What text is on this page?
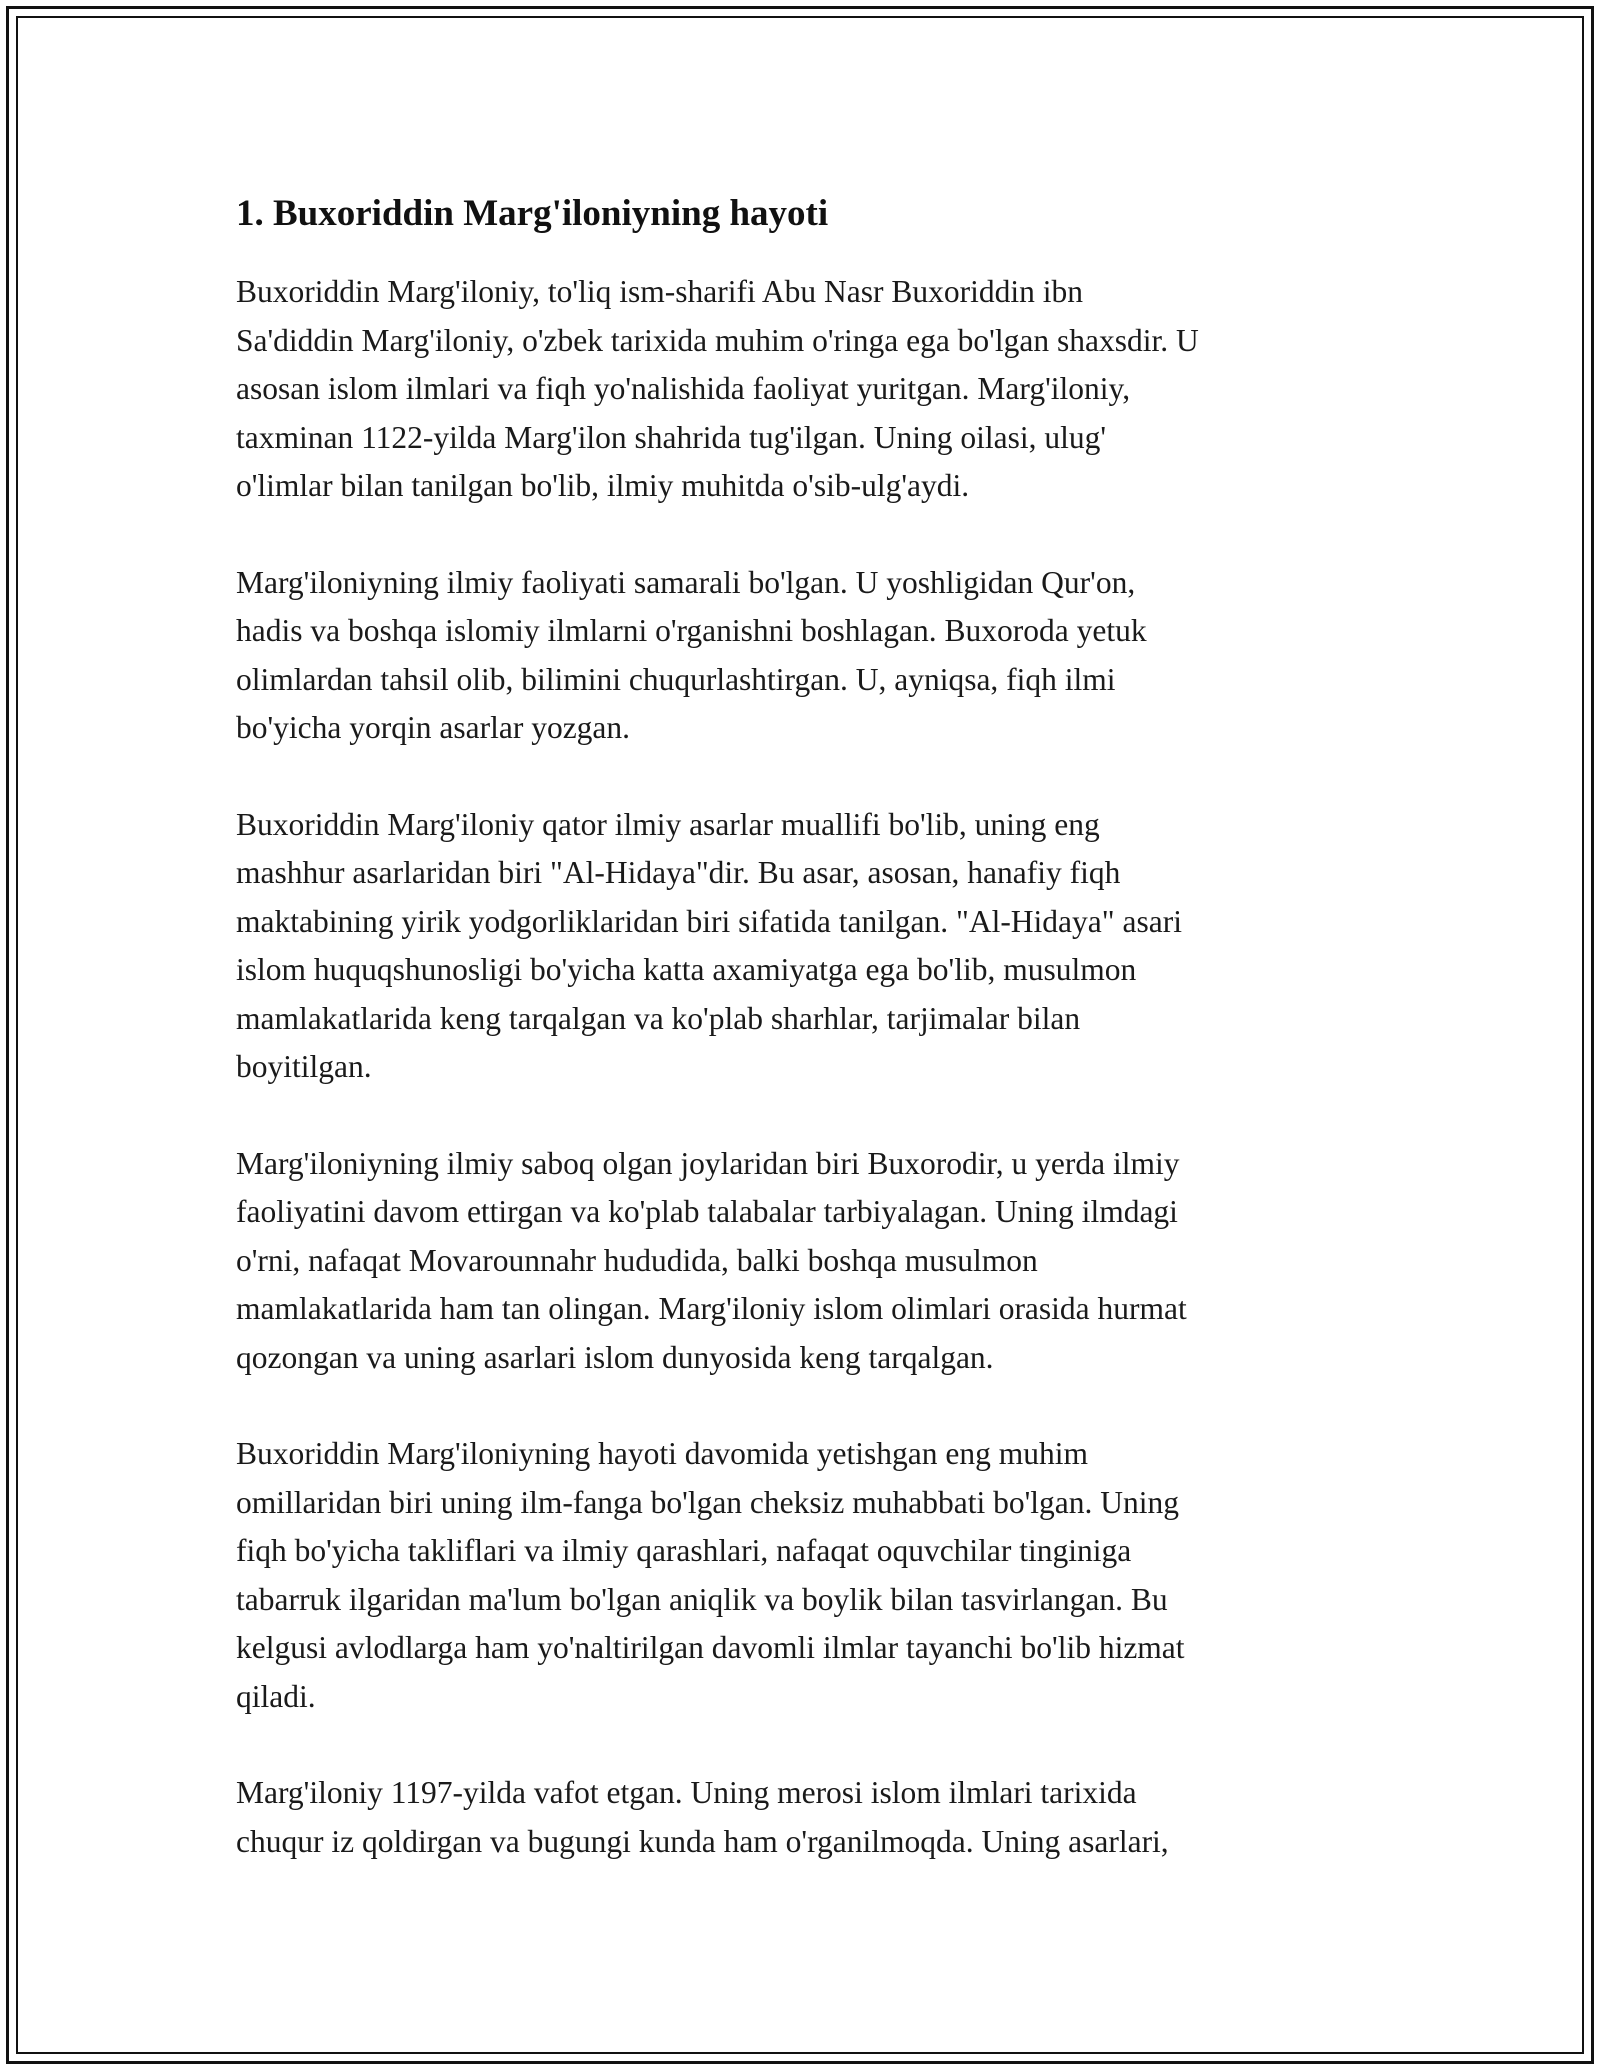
1. Buxoriddin Marg'iloniyning hayoti

Buxoriddin Marg'iloniy, to'liq ism-sharifi Abu Nasr Buxoriddin ibn
Sa'diddin Marg'iloniy, o'zbek tarixida muhim o'ringa ega bo'lgan shaxsdir. U
asosan islom ilmlari va fiqh yo'nalishida faoliyat yuritgan. Marg'iloniy,
taxminan 1122-yilda Marg'ilon shahrida tug'ilgan. Uning oilasi, ulug'
o'limlar bilan tanilgan bo'lib, ilmiy muhitda o'sib-ulg'aydi.

Marg'iloniyning ilmiy faoliyati samarali bo'lgan. U yoshligidan Qur'on,
hadis va boshqa islomiy ilmlarni o'rganishni boshlagan. Buxoroda yetuk
olimlardan tahsil olib, bilimini chuqurlashtirgan. U, ayniqsa, fiqh ilmi
bo'yicha yorqin asarlar yozgan.

Buxoriddin Marg'iloniy qator ilmiy asarlar muallifi bo'lib, uning eng
mashhur asarlaridan biri "Al-Hidaya"dir. Bu asar, asosan, hanafiy fiqh
maktabining yirik yodgorliklaridan biri sifatida tanilgan. "Al-Hidaya" asari
islom huquqshunosligi bo'yicha katta axamiyatga ega bo'lib, musulmon
mamlakatlarida keng tarqalgan va ko'plab sharhlar, tarjimalar bilan
boyitilgan.

Marg'iloniyning ilmiy saboq olgan joylaridan biri Buxorodir, u yerda ilmiy
faoliyatini davom ettirgan va ko'plab talabalar tarbiyalagan. Uning ilmdagi
o'rni, nafaqat Movarounnahr hududida, balki boshqa musulmon
mamlakatlarida ham tan olingan. Marg'iloniy islom olimlari orasida hurmat
qozongan va uning asarlari islom dunyosida keng tarqalgan.

Buxoriddin Marg'iloniyning hayoti davomida yetishgan eng muhim
omillaridan biri uning ilm-fanga bo'lgan cheksiz muhabbati bo'lgan. Uning
fiqh bo'yicha takliflari va ilmiy qarashlari, nafaqat oquvchilar tinginiga
tabarruk ilgaridan ma'lum bo'lgan aniqlik va boylik bilan tasvirlangan. Bu
kelgusi avlodlarga ham yo'naltirilgan davomli ilmlar tayanchi bo'lib hizmat
qiladi.

Marg'iloniy 1197-yilda vafot etgan. Uning merosi islom ilmlari tarixida
chuqur iz qoldirgan va bugungi kunda ham o'rganilmoqda. Uning asarlari,
